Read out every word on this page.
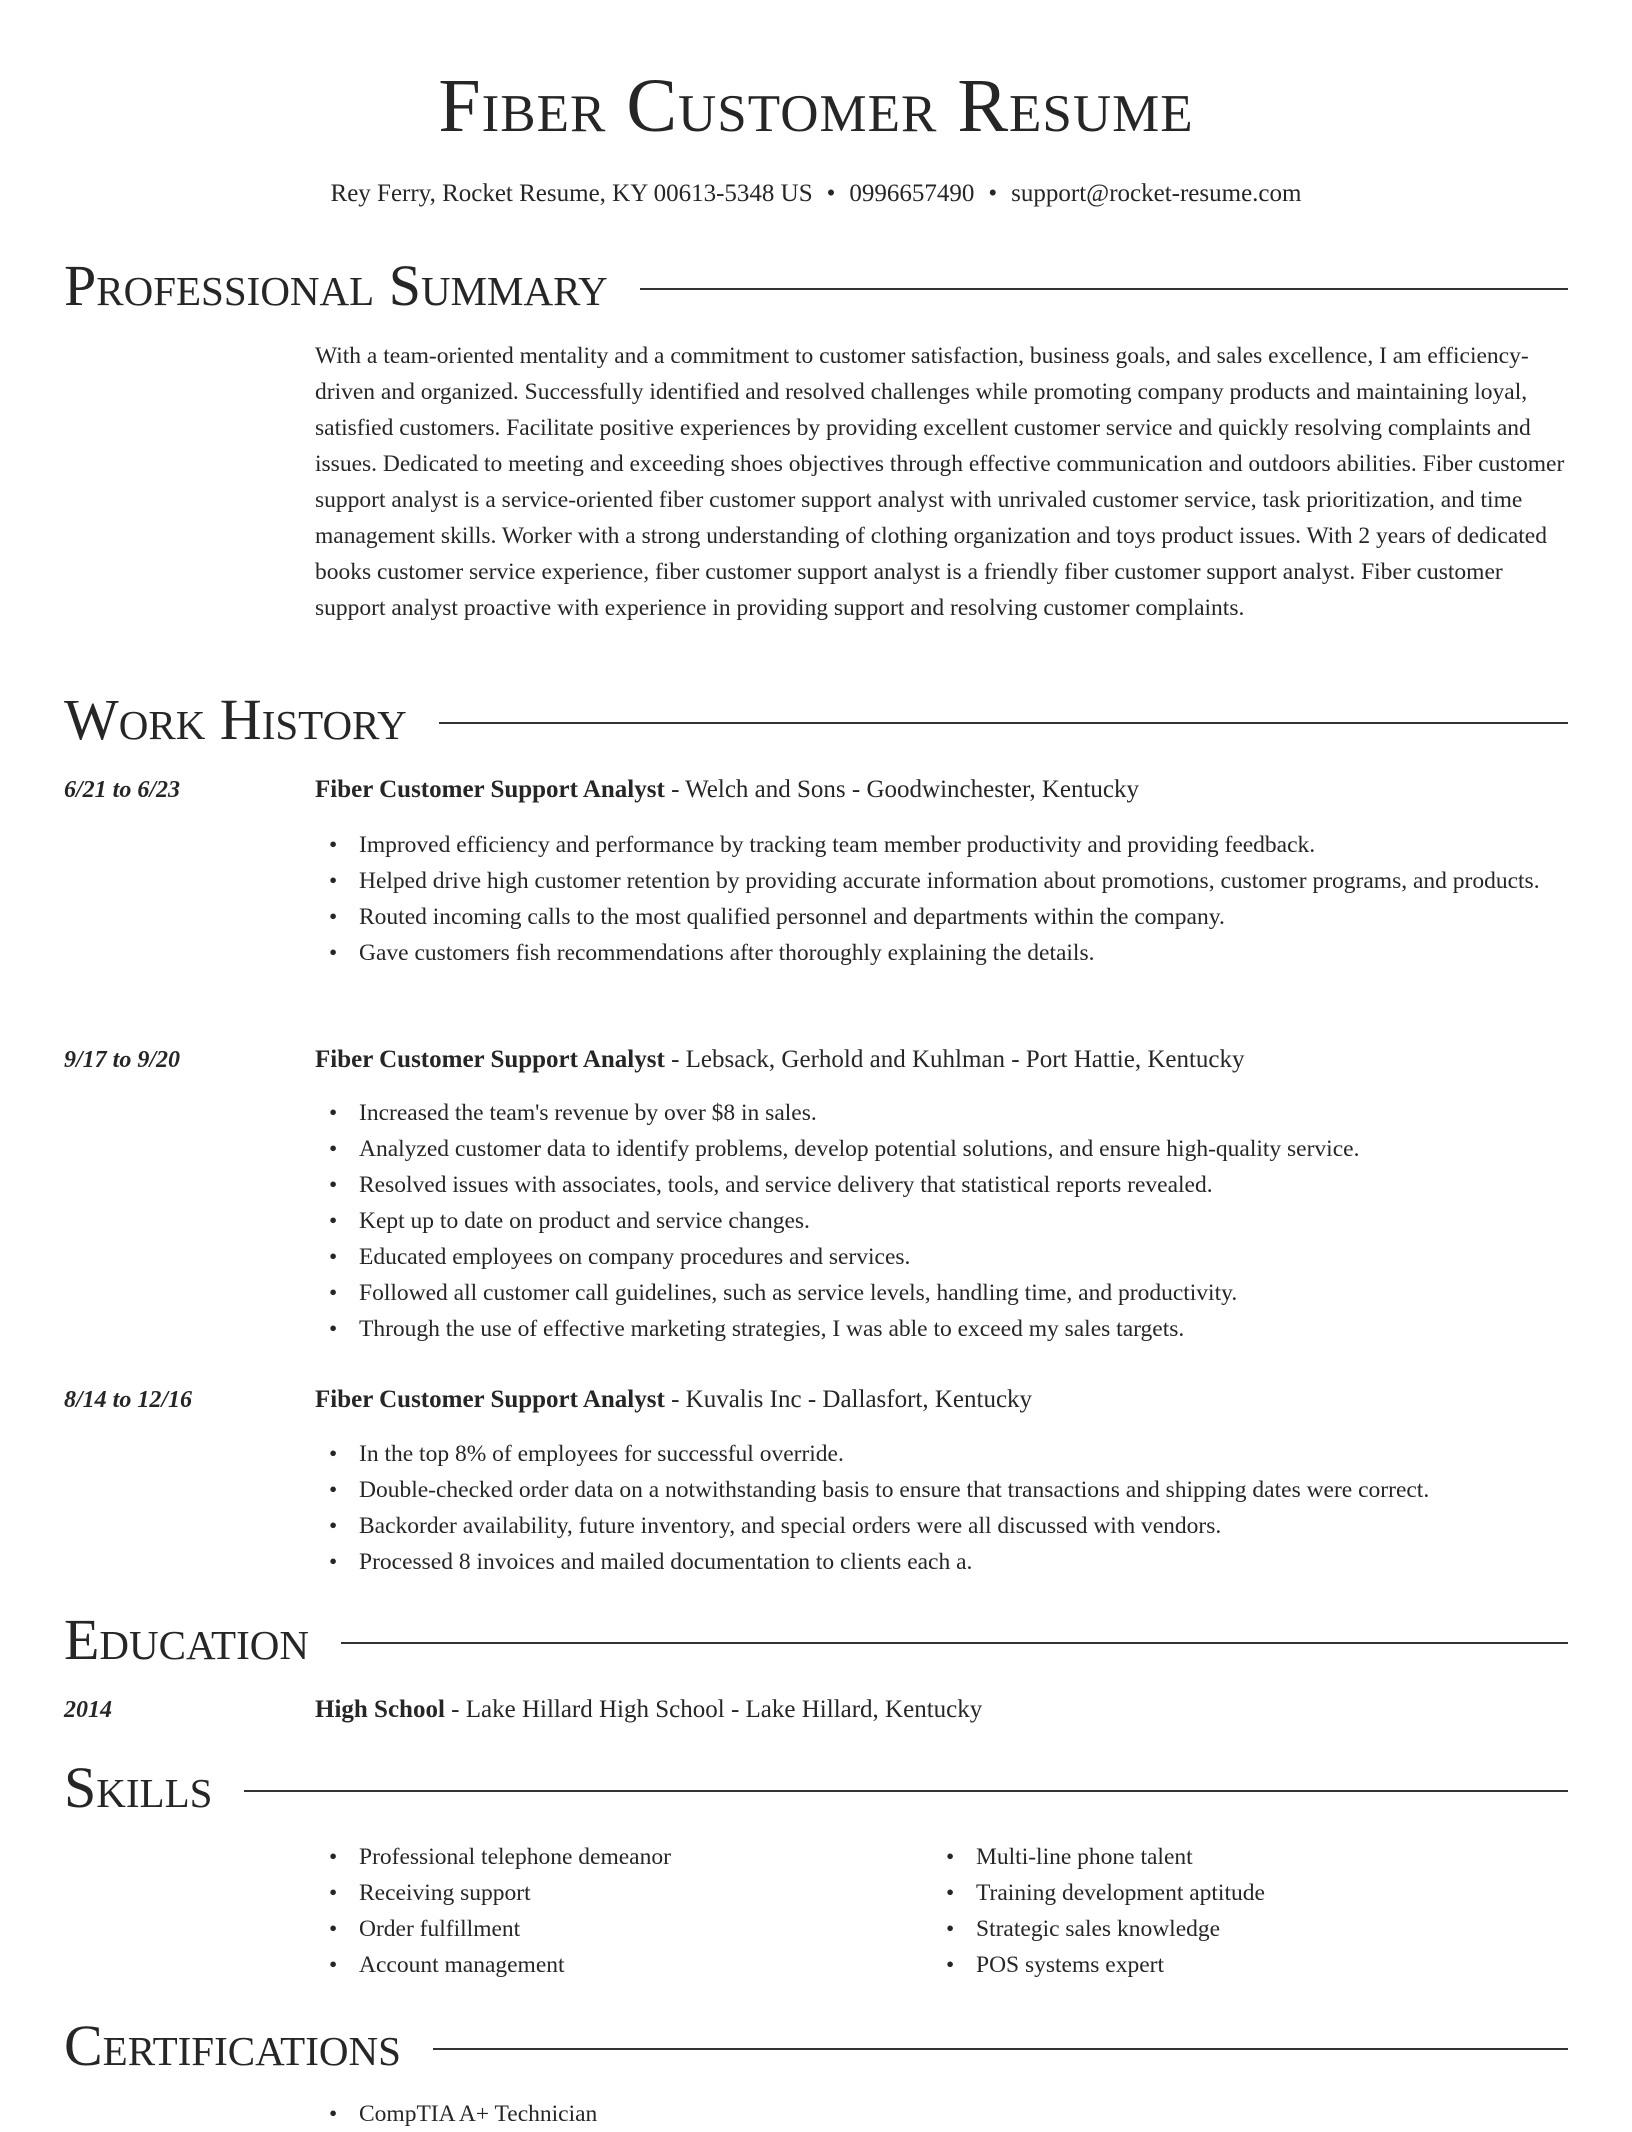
Fiber Customer Resume
Rey Ferry, Rocket Resume, KY 00613-5348 US • 0996657490 • support@rocket-resume.com
Professional Summary
With a team-oriented mentality and a commitment to customer satisfaction, business goals, and sales excellence, I am efficiency-driven and organized. Successfully identified and resolved challenges while promoting company products and maintaining loyal, satisfied customers. Facilitate positive experiences by providing excellent customer service and quickly resolving complaints and issues. Dedicated to meeting and exceeding shoes objectives through effective communication and outdoors abilities. Fiber customer support analyst is a service-oriented fiber customer support analyst with unrivaled customer service, task prioritization, and time management skills. Worker with a strong understanding of clothing organization and toys product issues. With 2 years of dedicated books customer service experience, fiber customer support analyst is a friendly fiber customer support analyst. Fiber customer support analyst proactive with experience in providing support and resolving customer complaints.
Work History
6/21 to 6/23	Fiber Customer Support Analyst - Welch and Sons - Goodwinchester, Kentucky
• Improved efficiency and performance by tracking team member productivity and providing feedback.
• Helped drive high customer retention by providing accurate information about promotions, customer programs, and products.
• Routed incoming calls to the most qualified personnel and departments within the company.
• Gave customers fish recommendations after thoroughly explaining the details.
9/17 to 9/20	Fiber Customer Support Analyst - Lebsack, Gerhold and Kuhlman - Port Hattie, Kentucky
• Increased the team's revenue by over $8 in sales.
• Analyzed customer data to identify problems, develop potential solutions, and ensure high-quality service.
• Resolved issues with associates, tools, and service delivery that statistical reports revealed.
• Kept up to date on product and service changes.
• Educated employees on company procedures and services.
• Followed all customer call guidelines, such as service levels, handling time, and productivity.
• Through the use of effective marketing strategies, I was able to exceed my sales targets.
8/14 to 12/16	Fiber Customer Support Analyst - Kuvalis Inc - Dallasfort, Kentucky
• In the top 8% of employees for successful override.
• Double-checked order data on a notwithstanding basis to ensure that transactions and shipping dates were correct.
• Backorder availability, future inventory, and special orders were all discussed with vendors.
• Processed 8 invoices and mailed documentation to clients each a.
Education
2014	High School - Lake Hillard High School - Lake Hillard, Kentucky
Skills
• Professional telephone demeanor
• Receiving support
• Order fulfillment
• Account management
• Multi-line phone talent
• Training development aptitude
• Strategic sales knowledge
• POS systems expert
Certifications
• CompTIA A+ Technician
